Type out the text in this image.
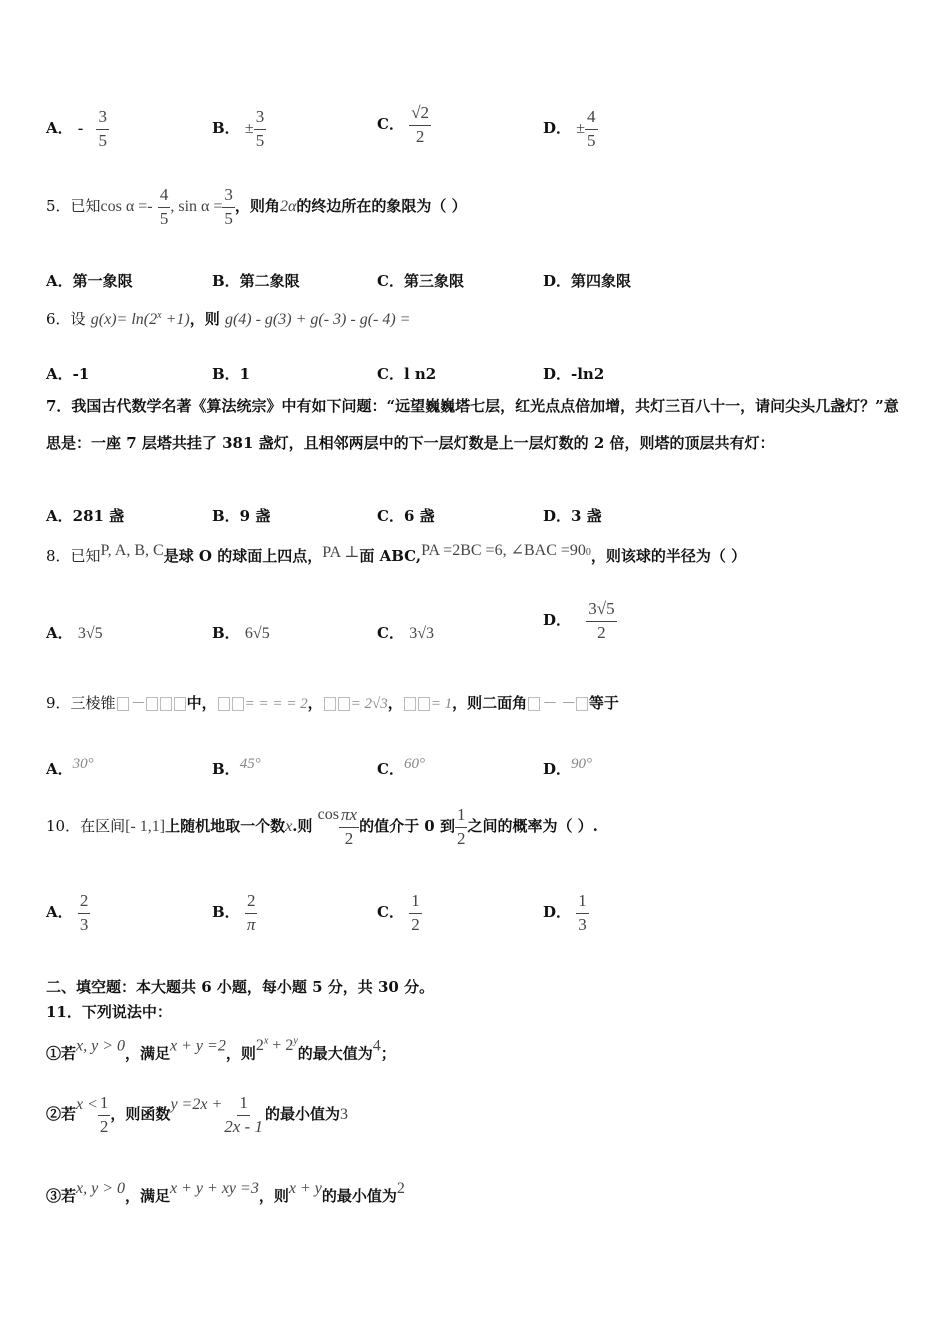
A． - $\frac{3}{5}$	B． ± $\frac{3}{5}$	C． $\frac{√2}{2}$	D． ± $\frac{4}{5}$
5．已知$\cos \alpha =- \frac{4}{5}$ , $\sin \alpha = \frac{3}{5}$ ，则角2α的终边所在的象限为（ ）
A．第一象限	B．第二象限	C．第三象限	D．第四象限
6．设 $g(x)= \ln(2^x +1)$，则 g(4) - g(3) + g(- 3) - g(- 4) =
A．-1	B．1	C．l n2	D．-ln2
7．我国古代数学名著《算法统宗》中有如下问题：“远望巍巍塔七层，红光点点倍加增，共灯三百八十一，请问尖头几盏灯？”意思是：一座 7 层塔共挂了 381 盏灯，且相邻两层中的下一层灯数是上一层灯数的 2 倍，则塔的顶层共有灯：
A．281 盏	B．9 盏	C．6 盏	D．3 盏
8．已知P, A, B, C是球 O 的球面上四点，PA ⊥面 ABC,PA =2BC =6, ∠BAC $=90^0$，则该球的半径为（ ）
A． 3√5	B． 6√5	C． 3√3
D． $\frac{3√5}{2}$
9．三棱锥 －	中， = = = = 2， = 2√3， = 1，则二面角 － － 等于
A．30°	B．45°	C．60°	D．90°
10．在区间[- 1,1]上随机地取一个数x.则 $\cos \frac{\pi x}{2}$ 的值介于 0 到 $\frac{1}{2}$ 之间的概率为（ ）.
A． $\frac{2}{3}$	B． $\frac{2}{\pi}$	C． $\frac{1}{2}$	D． $\frac{1}{3}$
二、填空题：本大题共 6 小题，每小题 5 分，共 30 分。
11．下列说法中：
①若x, y > 0，满足x + y =2，则$2^x + 2^y$的最大值为4；
②若$x < \frac{1}{2}$ ，则函数$y =2x + \frac{1}{2x - 1}$ 的最小值为3
③若x, y > 0，满足x + y + xy =3，则x + y的最小值为2
